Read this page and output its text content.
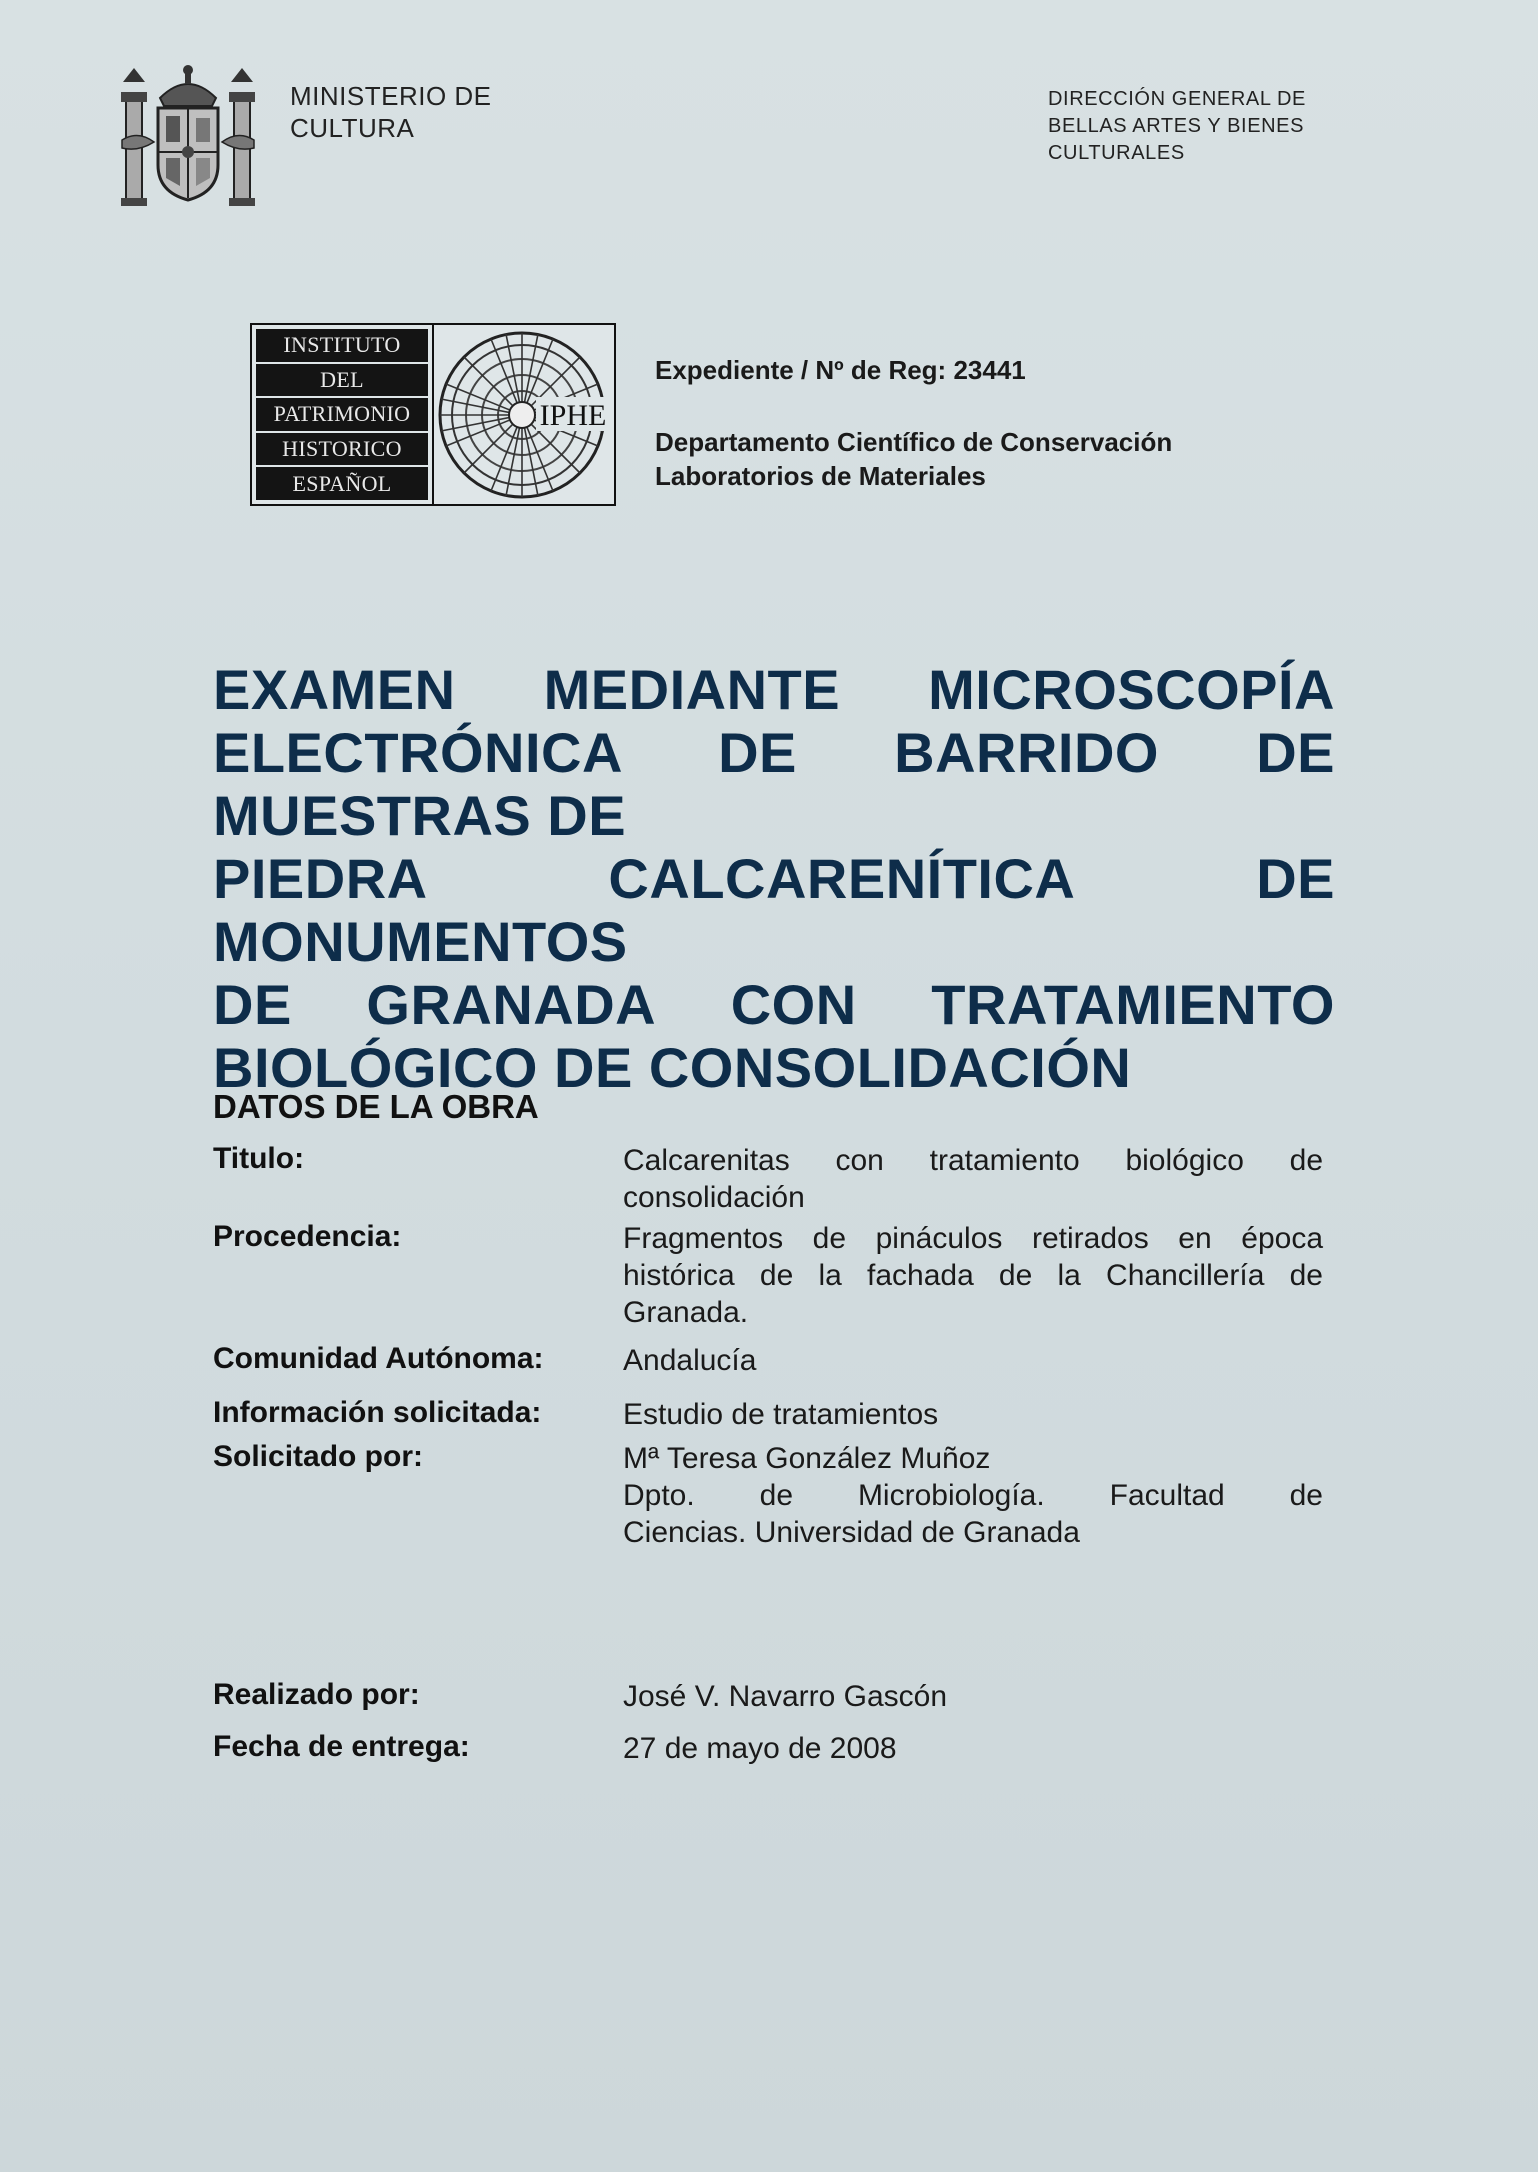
MINISTERIO DE
CULTURA
DIRECCIÓN GENERAL DE
BELLAS ARTES Y BIENES
CULTURALES
INSTITUTO
DEL
PATRIMONIO
HISTORICO
ESPAÑOL
IPHE
Expediente / Nº de Reg: 23441
Departamento Científico de Conservación
Laboratorios de Materiales
EXAMEN MEDIANTE MICROSCOPÍA
ELECTRÓNICA DE BARRIDO DE MUESTRAS DE
PIEDRA CALCARENÍTICA DE MONUMENTOS
DE GRANADA CON TRATAMIENTO
BIOLÓGICO DE CONSOLIDACIÓN
DATOS DE LA OBRA
Titulo:	Calcarenitas con tratamiento biológico de
consolidación
Procedencia:	Fragmentos de pináculos retirados en época
histórica de la fachada de la Chancillería de
Granada.
Comunidad Autónoma:	Andalucía
Información solicitada:	Estudio de tratamientos
Solicitado por:	Mª Teresa González Muñoz
Dpto. de Microbiología. Facultad de
Ciencias. Universidad de Granada
Realizado por:	José V. Navarro Gascón
Fecha de entrega:	27 de mayo de 2008
